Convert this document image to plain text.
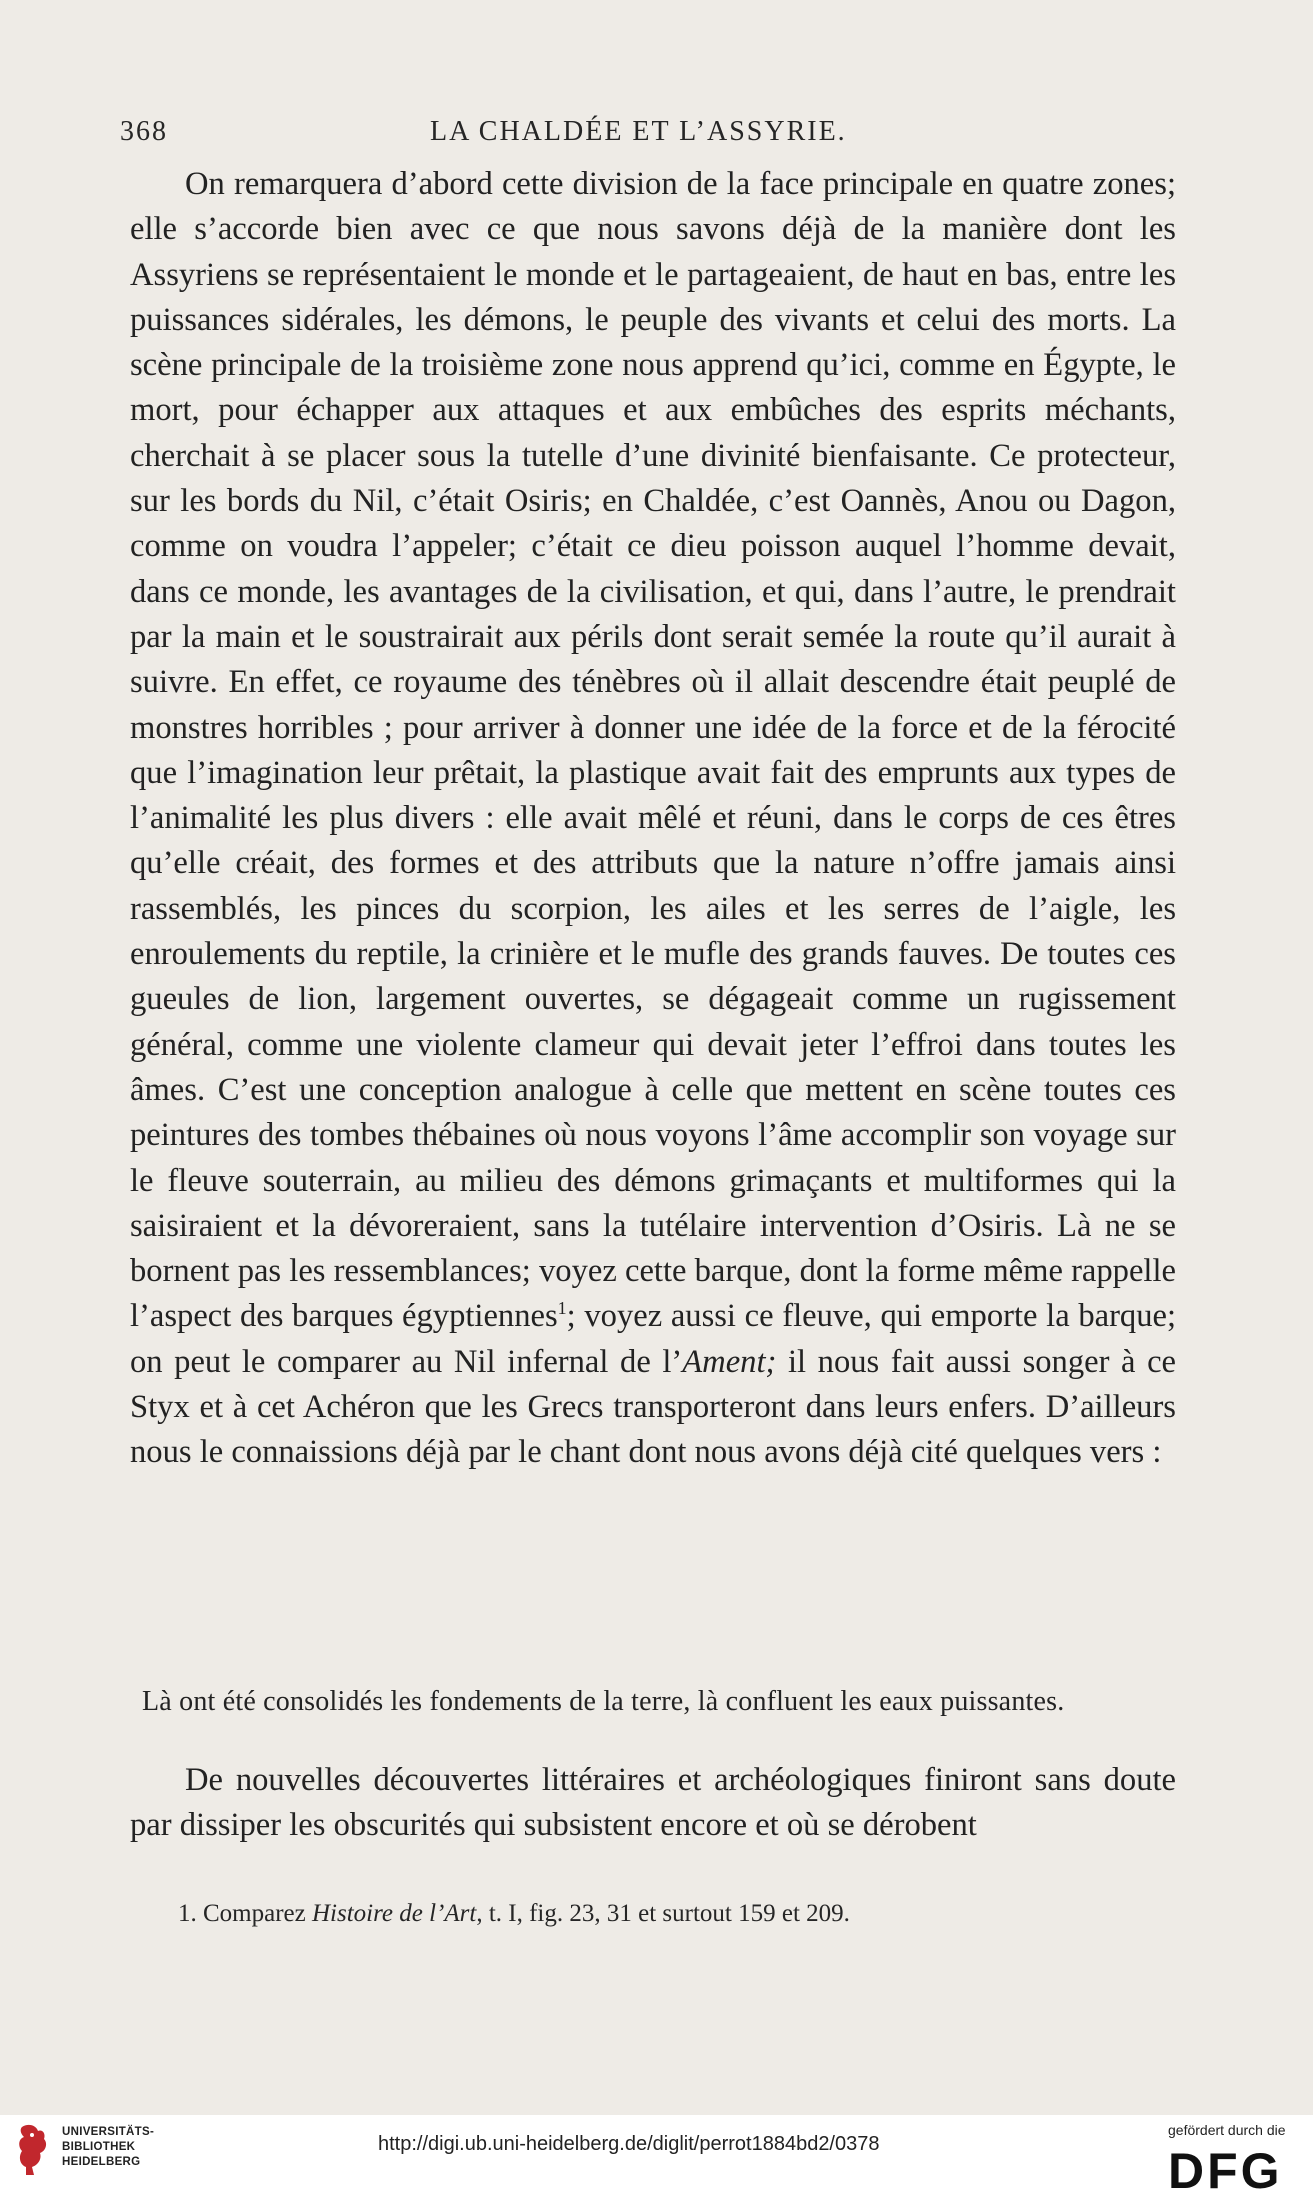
368	LA CHALDÉE ET L’ASSYRIE.

On remarquera d’abord cette division de la face principale en quatre zones; elle s’accorde bien avec ce que nous savons déjà de la manière dont les Assyriens se représentaient le monde et le partageaient, de haut en bas, entre les puissances sidérales, les démons, le peuple des vivants et celui des morts. La scène principale de la troisième zone nous apprend qu’ici, comme en Égypte, le mort, pour échapper aux attaques et aux embûches des esprits méchants, cherchait à se placer sous la tutelle d’une divinité bienfaisante. Ce protecteur, sur les bords du Nil, c’était Osiris; en Chaldée, c’est Oannès, Anou ou Dagon, comme on voudra l’appeler; c’était ce dieu poisson auquel l’homme devait, dans ce monde, les avantages de la civilisation, et qui, dans l’autre, le prendrait par la main et le soustrairait aux périls dont serait semée la route qu’il aurait à suivre. En effet, ce royaume des ténèbres où il allait descendre était peuplé de monstres horribles ; pour arriver à donner une idée de la force et de la férocité que l’imagination leur prêtait, la plastique avait fait des emprunts aux types de l’animalité les plus divers : elle avait mêlé et réuni, dans le corps de ces êtres qu’elle créait, des formes et des attributs que la nature n’offre jamais ainsi rassemblés, les pinces du scorpion, les ailes et les serres de l’aigle, les enroulements du reptile, la crinière et le mufle des grands fauves. De toutes ces gueules de lion, largement ouvertes, se dégageait comme un rugissement général, comme une violente clameur qui devait jeter l’effroi dans toutes les âmes. C’est une conception analogue à celle que mettent en scène toutes ces peintures des tombes thébaines où nous voyons l’âme accomplir son voyage sur le fleuve souterrain, au milieu des démons grimaçants et multiformes qui la saisiraient et la dévoreraient, sans la tutélaire intervention d’Osiris. Là ne se bornent pas les ressemblances; voyez cette barque, dont la forme même rappelle l’aspect des barques égyptiennes$^1$; voyez aussi ce fleuve, qui emporte la barque; on peut le comparer au Nil infernal de l’Ament; il nous fait aussi songer à ce Styx et à cet Achéron que les Grecs transporteront dans leurs enfers. D’ailleurs nous le connaissions déjà par le chant dont nous avons déjà cité quelques vers :

Là ont été consolidés les fondements de la terre, là confluent les eaux puissantes.

De nouvelles découvertes littéraires et archéologiques finiront sans doute par dissiper les obscurités qui subsistent encore et où se dérobent

1. Comparez Histoire de l’Art, t. I, fig. 23, 31 et surtout 159 et 209.
UNIVERSITÄTS-
BIBLIOTHEK
HEIDELBERG
http://digi.ub.uni-heidelberg.de/diglit/perrot1884bd2/0378
gefördert durch die
DFG
